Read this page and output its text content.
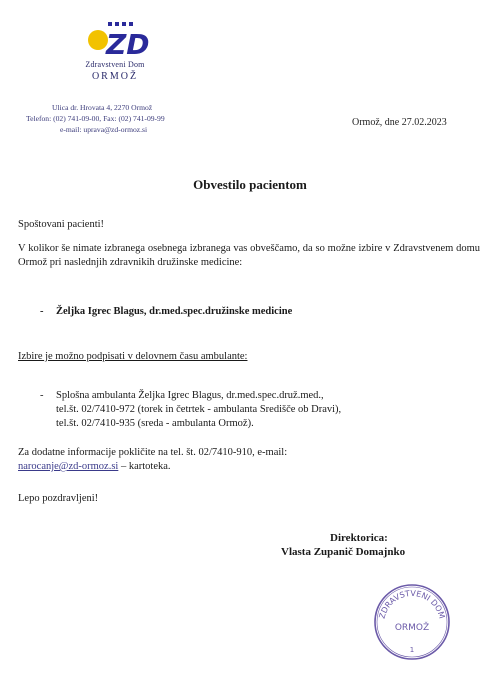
ZD
Zdravstveni Dom
ORMOŽ
Ulica dr. Hrovata 4, 2270 Ormož
Telefon: (02) 741-09-00, Fax: (02) 741-09-99
e-mail: uprava@zd-ormoz.si
Ormož, dne 27.02.2023
Obvestilo pacientom
Spoštovani pacienti!
V kolikor še nimate izbranega osebnega izbranega vas obveščamo, da so možne izbire v Zdravstvenem domu Ormož pri naslednjih zdravnikih družinske medicine:
- Željka Igrec Blagus, dr.med.spec.družinske medicine
Izbire je možno podpisati v delovnem času ambulante:
- Splošna ambulanta Željka Igrec Blagus, dr.med.spec.druž.med.,
tel.št. 02/7410-972 (torek in četrtek - ambulanta Središče ob Dravi),
tel.št. 02/7410-935 (sreda - ambulanta Ormož).
Za dodatne informacije pokličite na tel. št. 02/7410-910, e-mail:
narocanje@zd-ormoz.si – kartoteka.
Lepo pozdravljeni!
Direktorica:
Vlasta Zupanič Domajnko
ZDRAVSTVENI DOM
ORMOŽ
1
